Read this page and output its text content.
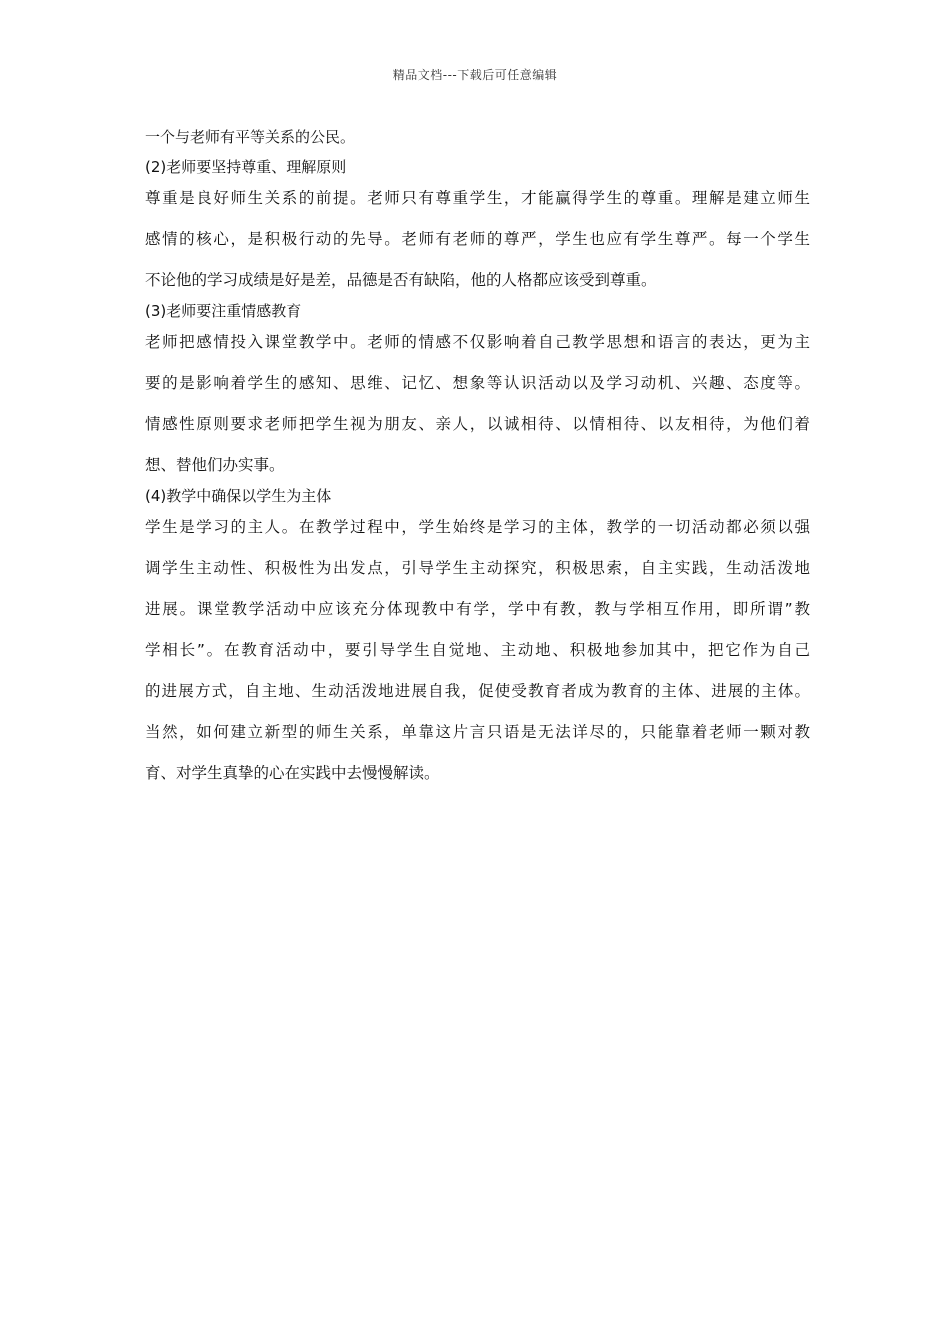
精品文档---下载后可任意编辑

一个与老师有平等关系的公民。

(2)老师要坚持尊重、理解原则

尊重是良好师生关系的前提。老师只有尊重学生，才能赢得学生的尊重。理解是建立师生

感情的核心，是积极行动的先导。老师有老师的尊严，学生也应有学生尊严。每一个学生

不论他的学习成绩是好是差，品德是否有缺陷，他的人格都应该受到尊重。

(3)老师要注重情感教育

老师把感情投入课堂教学中。老师的情感不仅影响着自己教学思想和语言的表达，更为主

要的是影响着学生的感知、思维、记忆、想象等认识活动以及学习动机、兴趣、态度等。

情感性原则要求老师把学生视为朋友、亲人，以诚相待、以情相待、以友相待，为他们着

想、替他们办实事。

(4)教学中确保以学生为主体

学生是学习的主人。在教学过程中，学生始终是学习的主体，教学的一切活动都必须以强

调学生主动性、积极性为出发点，引导学生主动探究，积极思索，自主实践，生动活泼地

进展。课堂教学活动中应该充分体现教中有学，学中有教，教与学相互作用，即所谓”教

学相长”。在教育活动中，要引导学生自觉地、主动地、积极地参加其中，把它作为自己

的进展方式，自主地、生动活泼地进展自我，促使受教育者成为教育的主体、进展的主体。

当然，如何建立新型的师生关系，单靠这片言只语是无法详尽的，只能靠着老师一颗对教

育、对学生真挚的心在实践中去慢慢解读。
